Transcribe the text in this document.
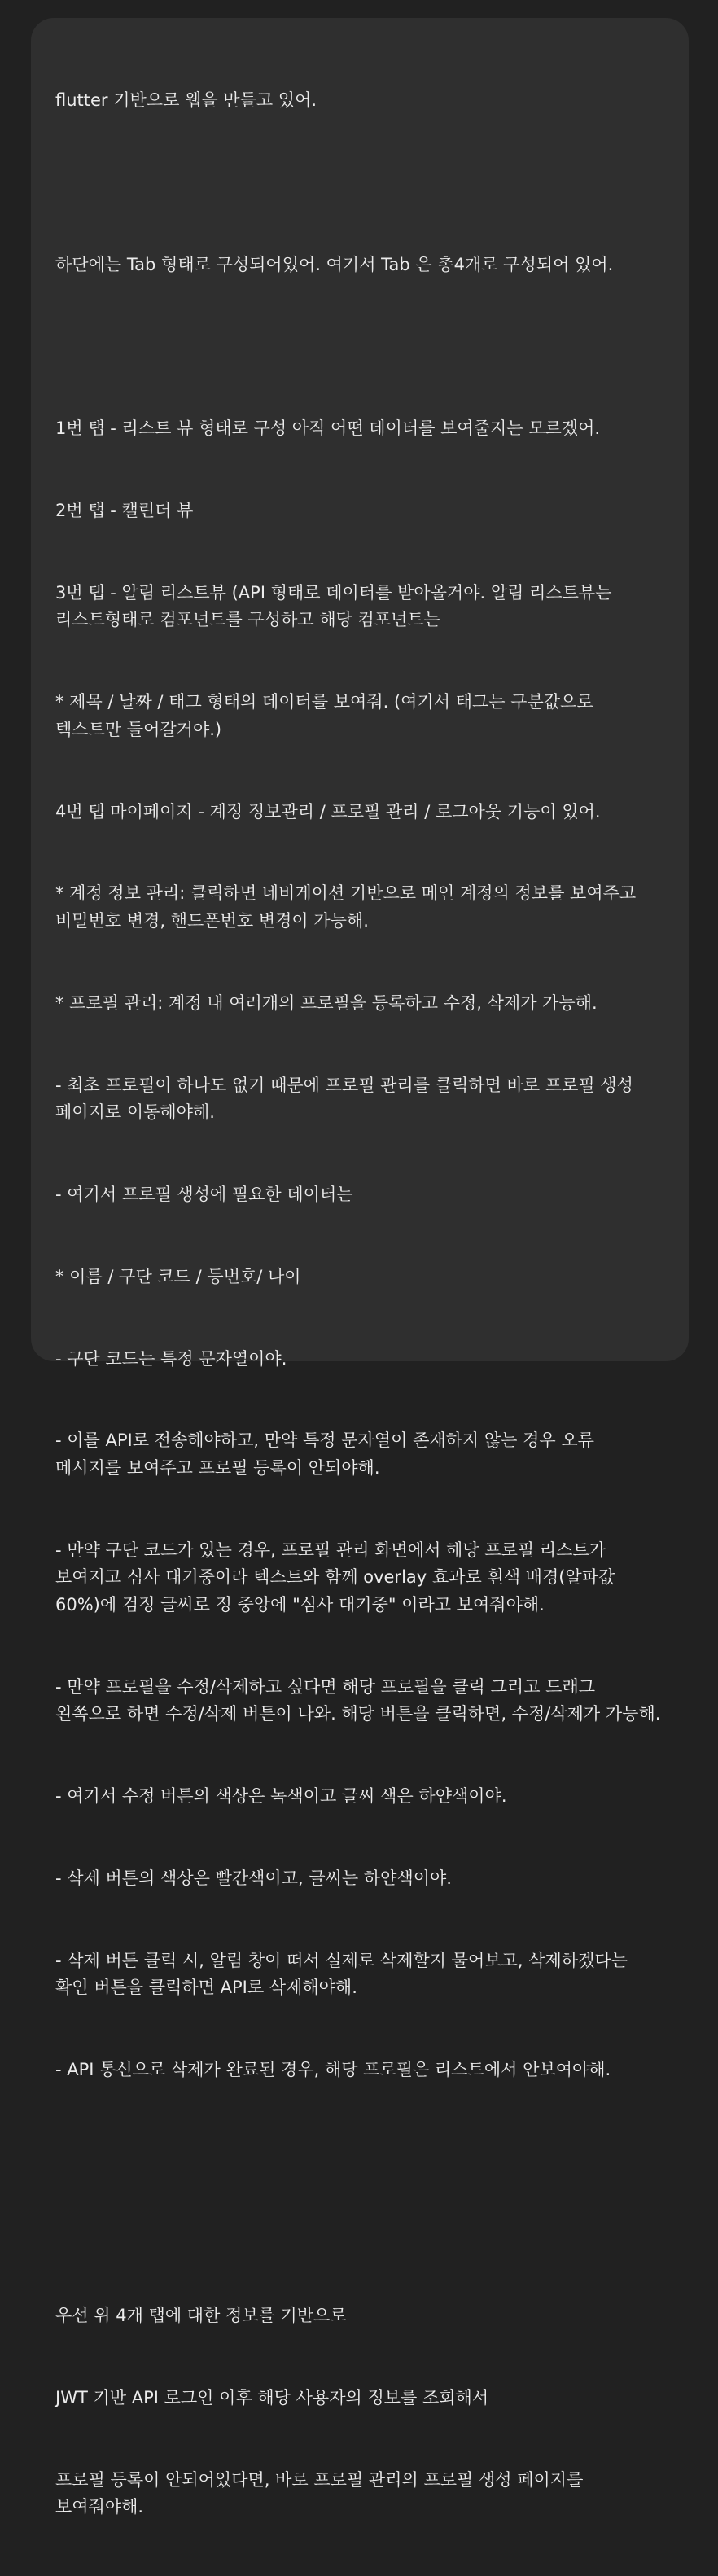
flutter 기반으로 웹을 만들고 있어.

하단에는 Tab 형태로 구성되어있어. 여기서 Tab 은 총4개로 구성되어 있어.

1번 탭 - 리스트 뷰 형태로 구성 아직 어떤 데이터를 보여줄지는 모르겠어.

2번 탭 - 캘린더 뷰

3번 탭 - 알림 리스트뷰 (API 형태로 데이터를 받아올거야. 알림 리스트뷰는 리스트형태로 컴포넌트를 구성하고 해당 컴포넌트는

* 제목 / 날짜 / 태그 형태의 데이터를 보여줘. (여기서 태그는 구분값으로 텍스트만 들어갈거야.)

4번 탭 마이페이지 - 계정 정보관리 / 프로필 관리 / 로그아웃 기능이 있어.

* 계정 정보 관리: 클릭하면 네비게이션 기반으로 메인 계정의 정보를 보여주고 비밀번호 변경, 핸드폰번호 변경이 가능해.

* 프로필 관리: 계정 내 여러개의 프로필을 등록하고 수정, 삭제가 가능해.

- 최초 프로필이 하나도 없기 때문에 프로필 관리를 클릭하면 바로 프로필 생성 페이지로 이동해야해.

- 여기서 프로필 생성에 필요한 데이터는

* 이름 / 구단 코드 / 등번호/ 나이

- 구단 코드는 특정 문자열이야.

- 이를 API로 전송해야하고, 만약 특정 문자열이 존재하지 않는 경우 오류 메시지를 보여주고 프로필 등록이 안되야해.

- 만약 구단 코드가 있는 경우, 프로필 관리 화면에서 해당 프로필 리스트가 보여지고 심사 대기중이라 텍스트와 함께 overlay 효과로 흰색 배경(알파값 60%)에 검정 글씨로 정 중앙에 "심사 대기중" 이라고 보여줘야해.

- 만약 프로필을 수정/삭제하고 싶다면 해당 프로필을 클릭 그리고 드래그 왼쪽으로 하면 수정/삭제 버튼이 나와. 해당 버튼을 클릭하면, 수정/삭제가 가능해.

- 여기서 수정 버튼의 색상은 녹색이고 글씨 색은 하얀색이야.

- 삭제 버튼의 색상은 빨간색이고, 글씨는 하얀색이야.

- 삭제 버튼 클릭 시, 알림 창이 떠서 실제로 삭제할지 물어보고, 삭제하겠다는 확인 버튼을 클릭하면 API로 삭제해야해.

- API 통신으로 삭제가 완료된 경우, 해당 프로필은 리스트에서 안보여야해.

우선 위 4개 탭에 대한 정보를 기반으로

JWT 기반 API 로그인 이후 해당 사용자의 정보를 조회해서

프로필 등록이 안되어있다면, 바로 프로필 관리의 프로필 생성 페이지를 보여줘야해.
